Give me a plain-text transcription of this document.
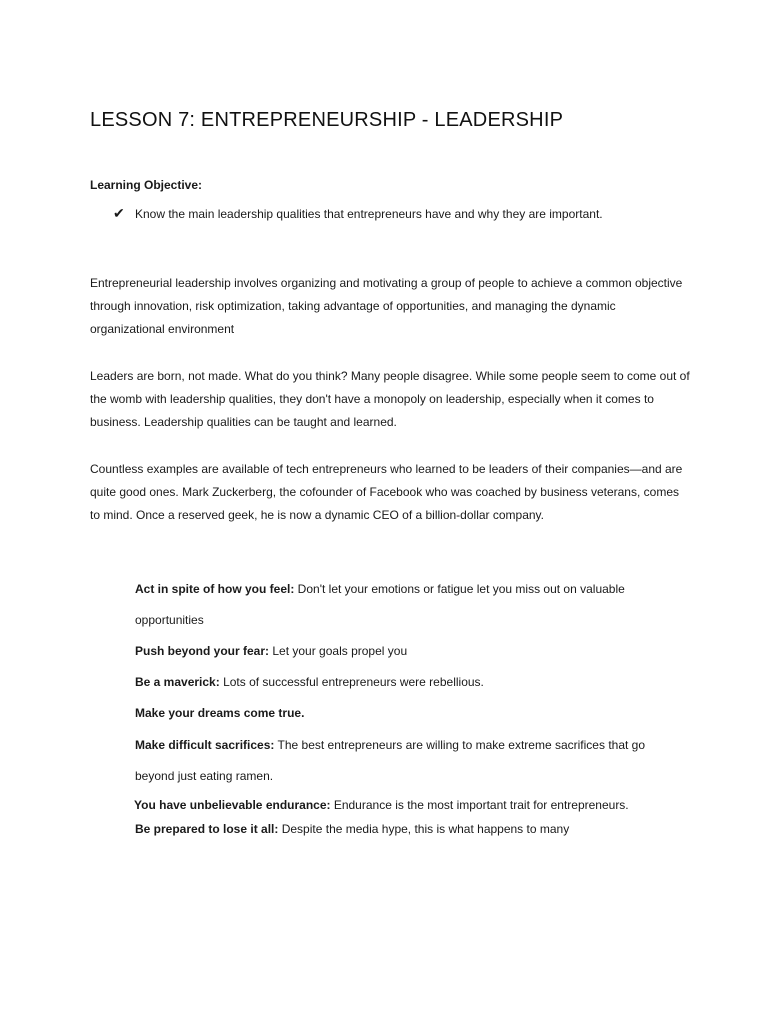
LESSON 7: ENTREPRENEURSHIP - LEADERSHIP
Learning Objective:
✔ Know the main leadership qualities that entrepreneurs have and why they are important.

Entrepreneurial leadership involves organizing and motivating a group of people to achieve a common objective through innovation, risk optimization, taking advantage of opportunities, and managing the dynamic organizational environment

Leaders are born, not made. What do you think? Many people disagree. While some people seem to come out of the womb with leadership qualities, they don't have a monopoly on leadership, especially when it comes to business. Leadership qualities can be taught and learned.

Countless examples are available of tech entrepreneurs who learned to be leaders of their companies—and are quite good ones. Mark Zuckerberg, the cofounder of Facebook who was coached by business veterans, comes to mind. Once a reserved geek, he is now a dynamic CEO of a billion-dollar company.

Act in spite of how you feel: Don't let your emotions or fatigue let you miss out on valuable opportunities
Push beyond your fear: Let your goals propel you
Be a maverick: Lots of successful entrepreneurs were rebellious.
Make your dreams come true.
Make difficult sacrifices: The best entrepreneurs are willing to make extreme sacrifices that go beyond just eating ramen.
You have unbelievable endurance: Endurance is the most important trait for entrepreneurs.
Be prepared to lose it all: Despite the media hype, this is what happens to many
